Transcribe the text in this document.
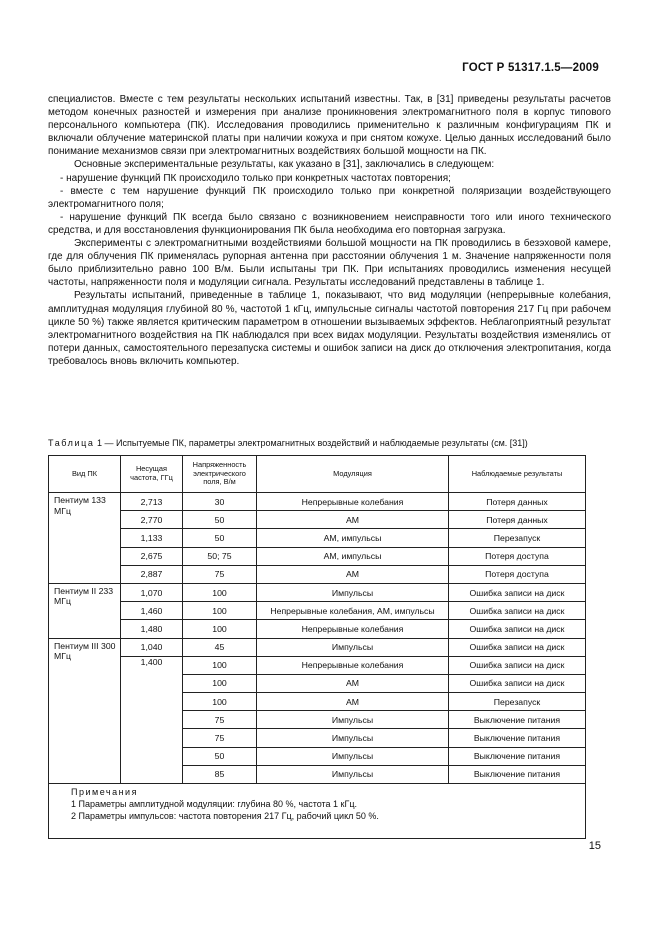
ГОСТ Р 51317.1.5—2009

специалистов. Вместе с тем результаты нескольких испытаний известны. Так, в [31] приведены результаты расчетов методом конечных разностей и измерения при анализе проникновения электромагнитного поля в корпус типового персонального компьютера (ПК). Исследования проводились применительно к различным конфигурациям ПК и включали облучение материнской платы при наличии кожуха и при снятом кожухе. Целью данных исследований было понимание механизмов связи при электромагнитных воздействиях большой мощности на ПК.

Основные экспериментальные результаты, как указано в [31], заключались в следующем:

- нарушение функций ПК происходило только при конкретных частотах повторения;

- вместе с тем нарушение функций ПК происходило только при конкретной поляризации воздействующего электромагнитного поля;

- нарушение функций ПК всегда было связано с возникновением неисправности того или иного технического средства, и для восстановления функционирования ПК была необходима его повторная загрузка.

Эксперименты с электромагнитными воздействиями большой мощности на ПК проводились в безэховой камере, где для облучения ПК применялась рупорная антенна при расстоянии облучения 1 м. Значение напряженности поля было приблизительно равно 100 В/м. Были испытаны три ПК. При испытаниях проводились изменения несущей частоты, напряженности поля и модуляции сигнала. Результаты исследований представлены в таблице 1.

Результаты испытаний, приведенные в таблице 1, показывают, что вид модуляции (непрерывные колебания, амплитудная модуляция глубиной 80 %, частотой 1 кГц, импульсные сигналы частотой повторения 217 Гц при рабочем цикле 50 %) также является критическим параметром в отношении вызываемых эффектов. Неблагоприятный результат электромагнитного воздействия на ПК наблюдался при всех видах модуляции. Результаты воздействия изменялись от потери данных, самостоятельного перезапуска системы и ошибок записи на диск до отключения электропитания, когда требовалось вновь включить компьютер.

Таблица 1 — Испытуемые ПК, параметры электромагнитных воздействий и наблюдаемые результаты (см. [31])
Вид ПК	Несущая частота, ГГц	Напряженность электрического поля, В/м	Модуляция	Наблюдаемые результаты
Пентиум 133 МГц	2,713	30	Непрерывные колебания	Потеря данных
	2,770	50	АМ	Потеря данных
	1,133	50	АМ, импульсы	Перезапуск
	2,675	50; 75	АМ, импульсы	Потеря доступа
	2,887	75	АМ	Потеря доступа
Пентиум II 233 МГц	1,070	100	Импульсы	Ошибка записи на диск
	1,460	100	Непрерывные колебания, АМ, импульсы	Ошибка записи на диск
	1,480	100	Непрерывные колебания	Ошибка записи на диск
Пентиум III 300 МГц	1,040	45	Импульсы	Ошибка записи на диск
	1,400	100	Непрерывные колебания	Ошибка записи на диск
		100	АМ	Ошибка записи на диск
		100	АМ	Перезапуск
		75	Импульсы	Выключение питания
		75	Импульсы	Выключение питания
		50	Импульсы	Выключение питания
		85	Импульсы	Выключение питания

Примечания
1 Параметры амплитудной модуляции: глубина 80 %, частота 1 кГц.
2 Параметры импульсов: частота повторения 217 Гц, рабочий цикл 50 %.				
15
